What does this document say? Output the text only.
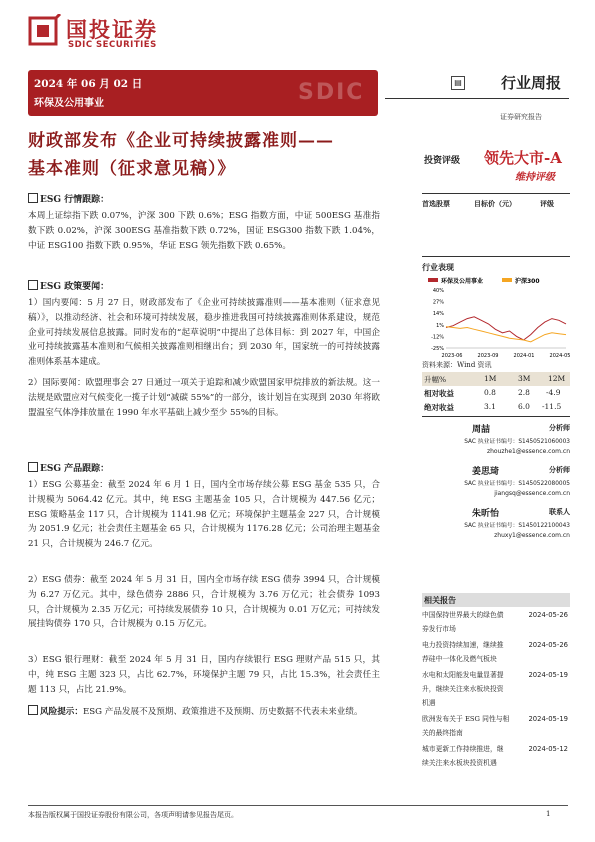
国投证券
SDIC SECURITIES
2024 年 06 月 02 日
环保及公用事业	SDIC	▤	行业周报
证券研究报告
财政部发布《企业可持续披露准则——
基本准则（征求意见稿）》	投资评级 领先大市-A
维持评级
ESG 行情跟踪：
本周上证综指下跌 0.07%，沪深 300 下跌 0.6%；ESG 指数方面，中证 500ESG 基准指数下跌 0.02%，沪深 300ESG 基准指数下跌 0.72%，国证 ESG300 指数下跌 1.04%，中证 ESG100 指数下跌 0.95%，华证 ESG 领先指数下跌 0.65%。
ESG 政策要闻：
1）国内要闻：5 月 27 日，财政部发布了《企业可持续披露准则——基本准则（征求意见稿）》，以推动经济、社会和环境可持续发展，稳步推进我国可持续披露准则体系建设，规范企业可持续发展信息披露。同时发布的“起草说明”中提出了总体目标：到 2027 年，中国企业可持续披露基本准则和气候相关披露准则相继出台；到 2030 年，国家统一的可持续披露准则体系基本建成。
2）国际要闻：欧盟理事会 27 日通过一项关于追踪和减少欧盟国家甲烷排放的新法规。这一法规是欧盟应对气候变化一揽子计划“减碳 55%”的一部分，该计划旨在实现到 2030 年将欧盟温室气体净排放量在 1990 年水平基础上减少至少 55%的目标。
ESG 产品跟踪：
1）ESG 公募基金：截至 2024 年 6 月 1 日，国内全市场存续公募 ESG 基金 535 只，合计规模为 5064.42 亿元。其中，纯 ESG 主题基金 105 只，合计规模为 447.56 亿元；ESG 策略基金 117 只，合计规模为 1141.98 亿元；环境保护主题基金 227 只，合计规模为 2051.9 亿元；社会责任主题基金 65 只，合计规模为 1176.28 亿元；公司治理主题基金 21 只，合计规模为 246.7 亿元。
2）ESG 债券：截至 2024 年 5 月 31 日，国内全市场存续 ESG 债券 3994 只，合计规模为 6.27 万亿元。其中，绿色债券 2886 只，合计规模为 3.76 万亿元；社会债券 1093 只，合计规模为 2.35 万亿元；可持续发展债券 10 只，合计规模为 0.01 万亿元；可持续发展挂钩债券 170 只，合计规模为 0.15 万亿元。
3）ESG 银行理财：截至 2024 年 5 月 31 日，国内存续银行 ESG 理财产品 515 只，其中，纯 ESG 主题 323 只，占比 62.7%，环境保护主题 79 只，占比 15.3%，社会责任主题 113 只，占比 21.9%。
风险提示：ESG 产品发展不及预期、政策推进不及预期、历史数据不代表未来业绩。
首选股票	目标价（元）	评级
行业表现
环保及公用事业	沪深300
40%
27%
14%
1%
-12%
-25%
2023-06	2023-09	2024-01	2024-05
资料来源：Wind 资讯
升幅%	1M	3M 12M
相对收益	0.8	2.8 -4.9
绝对收益	3.1	6.0 -11.5
周喆	分析师
SAC 执业证书编号：S1450521060003
zhouzhe1@essence.com.cn
姜思琦	分析师
SAC 执业证书编号：S1450522080005
jiangsq@essence.com.cn
朱昕怡	联系人
SAC 执业证书编号：S1450122100043
zhuxy1@essence.com.cn
相关报告
中国保持世界最大的绿色债
券发行市场
2024-05-26
电力投资持续加速，继续推
荐硅中一体化及燃气板块
2024-05-26
水电和太阳能发电量显著提
升，继续关注来水板块投资
机遇
2024-05-19
欧洲发布关于 ESG 同性与相
关的最终指南
2024-05-19
城市更新工作持续推进，继
续关注来水板块投资机遇
2024-05-12
本报告版权属于国投证券股份有限公司，各项声明请参见报告尾页。	1
